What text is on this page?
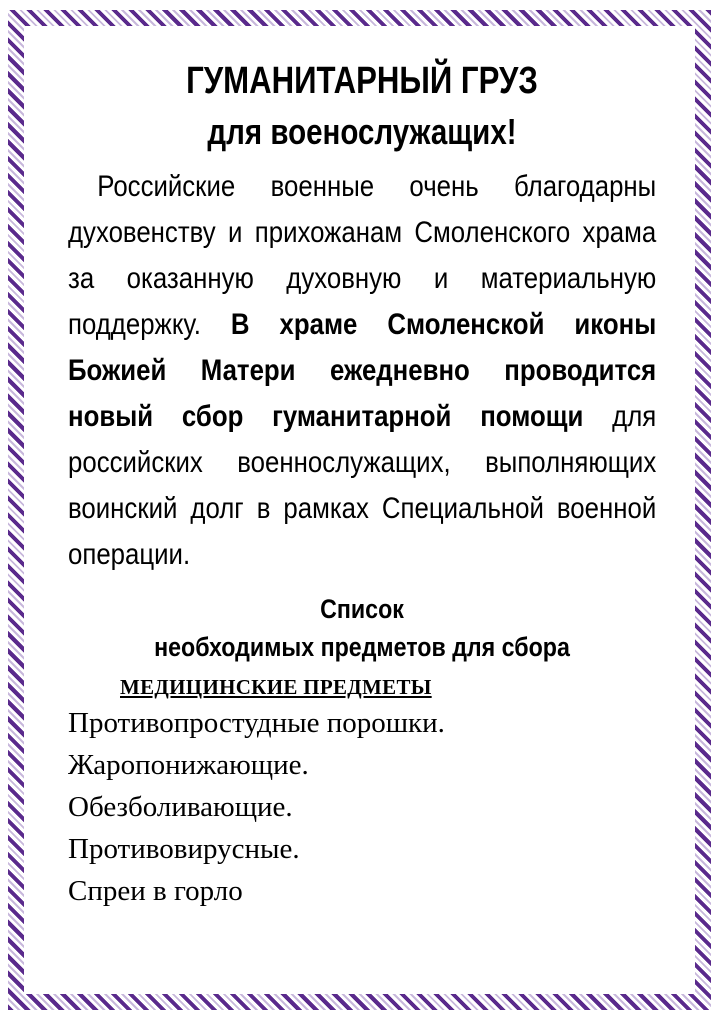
ГУМАНИТАРНЫЙ ГРУЗ
для военослужащих!

Российские военные очень благодарны духовенству и прихожанам Смоленского храма за оказанную духовную и материальную поддержку. В храме Смоленской иконы Божией Матери ежедневно проводится новый сбор гуманитарной помощи для российских военнослужащих, выполняющих воинский долг в рамках Специальной военной операции.

Список

необходимых предметов для сбора

МЕДИЦИНСКИЕ ПРЕДМЕТЫ
Противопростудные порошки.
Жаропонижающие.
Обезболивающие.
Противовирусные.
Спреи в горло
